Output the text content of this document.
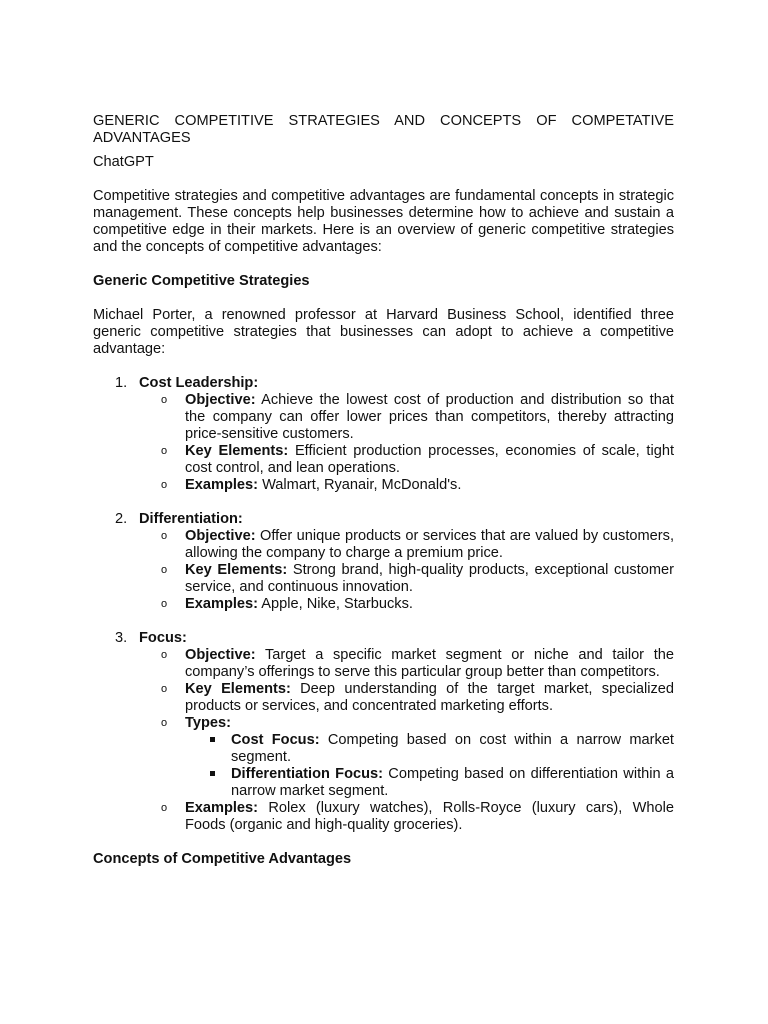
GENERIC COMPETITIVE STRATEGIES AND CONCEPTS OF COMPETATIVE ADVANTAGES

ChatGPT

Competitive strategies and competitive advantages are fundamental concepts in strategic management. These concepts help businesses determine how to achieve and sustain a competitive edge in their markets. Here is an overview of generic competitive strategies and the concepts of competitive advantages:

Generic Competitive Strategies

Michael Porter, a renowned professor at Harvard Business School, identified three generic competitive strategies that businesses can adopt to achieve a competitive advantage:

1. Cost Leadership:
o Objective: Achieve the lowest cost of production and distribution so that the company can offer lower prices than competitors, thereby attracting price-sensitive customers.
o Key Elements: Efficient production processes, economies of scale, tight cost control, and lean operations.
o Examples: Walmart, Ryanair, McDonald's.
2. Differentiation:
o Objective: Offer unique products or services that are valued by customers, allowing the company to charge a premium price.
o Key Elements: Strong brand, high-quality products, exceptional customer service, and continuous innovation.
o Examples: Apple, Nike, Starbucks.
3. Focus:
o Objective: Target a specific market segment or niche and tailor the company’s offerings to serve this particular group better than competitors.
o Key Elements: Deep understanding of the target market, specialized products or services, and concentrated marketing efforts.
o Types:
Cost Focus: Competing based on cost within a narrow market segment.
Differentiation Focus: Competing based on differentiation within a narrow market segment.
o Examples: Rolex (luxury watches), Rolls-Royce (luxury cars), Whole Foods (organic and high-quality groceries).

Concepts of Competitive Advantages
